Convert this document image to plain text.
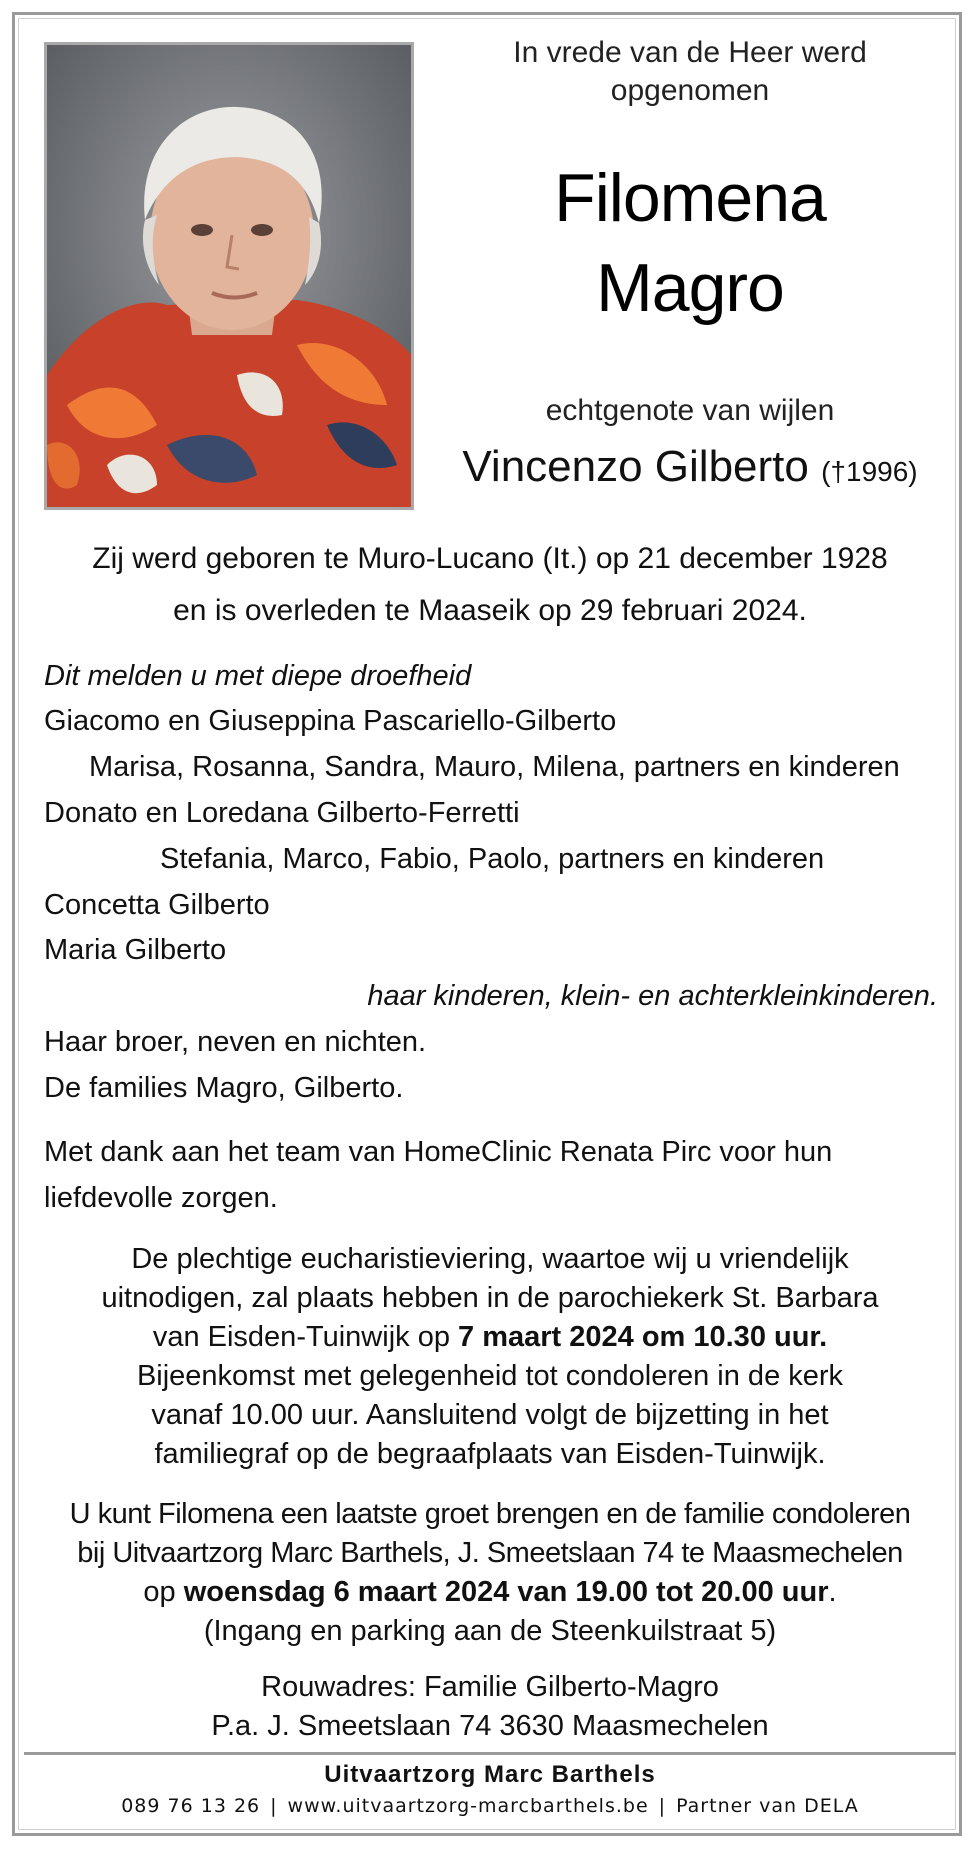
In vrede van de Heer werd
opgenomen
Filomena
Magro
echtgenote van wijlen
Vincenzo Gilberto (†1996)
Zij werd geboren te Muro-Lucano (It.) op 21 december 1928
en is overleden te Maaseik op 29 februari 2024.
Dit melden u met diepe droefheid
Giacomo en Giuseppina Pascariello-Gilberto
Marisa, Rosanna, Sandra, Mauro, Milena, partners en kinderen
Donato en Loredana Gilberto-Ferretti
Stefania, Marco, Fabio, Paolo, partners en kinderen
Concetta Gilberto
Maria Gilberto
haar kinderen, klein- en achterkleinkinderen.
Haar broer, neven en nichten.
De families Magro, Gilberto.
Met dank aan het team van HomeClinic Renata Pirc voor hun
liefdevolle zorgen.
De plechtige eucharistieviering, waartoe wij u vriendelijk
uitnodigen, zal plaats hebben in de parochiekerk St. Barbara
van Eisden-Tuinwijk op 7 maart 2024 om 10.30 uur.
Bijeenkomst met gelegenheid tot condoleren in de kerk
vanaf 10.00 uur. Aansluitend volgt de bijzetting in het
familiegraf op de begraafplaats van Eisden-Tuinwijk.
U kunt Filomena een laatste groet brengen en de familie condoleren
bij Uitvaartzorg Marc Barthels, J. Smeetslaan 74 te Maasmechelen
op woensdag 6 maart 2024 van 19.00 tot 20.00 uur.
(Ingang en parking aan de Steenkuilstraat 5)
Rouwadres: Familie Gilberto-Magro
P.a. J. Smeetslaan 74 3630 Maasmechelen
Uitvaartzorg Marc Barthels
089 76 13 26 | www.uitvaartzorg-marcbarthels.be | Partner van DELA
